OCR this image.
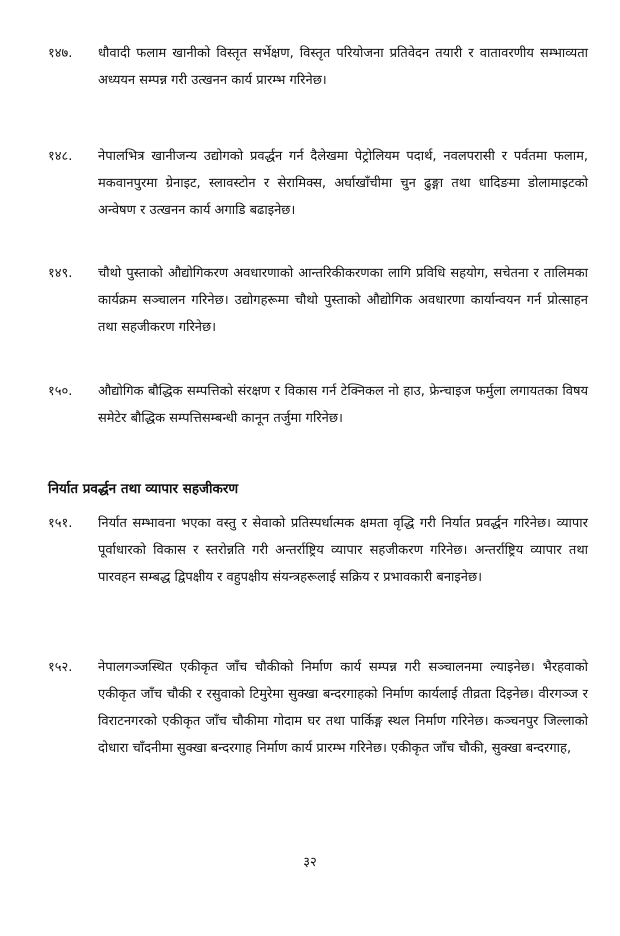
१४७.	धौवादी फलाम खानीको विस्तृत सर्भेक्षण, विस्तृत परियोजना प्रतिवेदन तयारी र वातावरणीय सम्भाव्यता अध्ययन सम्पन्न गरी उत्खनन कार्य प्रारम्भ गरिनेछ।
१४८.	नेपालभित्र खानीजन्य उद्योगको प्रवर्द्धन गर्न दैलेखमा पेट्रोलियम पदार्थ, नवलपरासी र पर्वतमा फलाम, मकवानपुरमा ग्रेनाइट, स्लावस्टोन र सेरामिक्स, अर्घाखाँचीमा चुन ढुङ्गा तथा धादिङमा डोलामाइटको अन्वेषण र उत्खनन कार्य अगाडि बढाइनेछ।
१४९.	चौथो पुस्ताको औद्योगिकरण अवधारणाको आन्तरिकीकरणका लागि प्रविधि सहयोग, सचेतना र तालिमका कार्यक्रम सञ्चालन गरिनेछ। उद्योगहरूमा चौथो पुस्ताको औद्योगिक अवधारणा कार्यान्वयन गर्न प्रोत्साहन तथा सहजीकरण गरिनेछ।
१५०.	औद्योगिक बौद्धिक सम्पत्तिको संरक्षण र विकास गर्न टेक्निकल नो हाउ, फ्रेन्चाइज फर्मुला लगायतका विषय समेटेर बौद्धिक सम्पत्तिसम्बन्धी कानून तर्जुमा गरिनेछ।
निर्यात प्रवर्द्धन तथा व्यापार सहजीकरण
१५१.	निर्यात सम्भावना भएका वस्तु र सेवाको प्रतिस्पर्धात्मक क्षमता वृद्धि गरी निर्यात प्रवर्द्धन गरिनेछ। व्यापार पूर्वाधारको विकास र स्तरोन्नति गरी अन्तर्राष्ट्रिय व्यापार सहजीकरण गरिनेछ। अन्तर्राष्ट्रिय व्यापार तथा पारवहन सम्बद्ध द्विपक्षीय र वहुपक्षीय संयन्त्रहरूलाई सक्रिय र प्रभावकारी बनाइनेछ।
१५२.	नेपालगञ्जस्थित एकीकृत जाँच चौकीको निर्माण कार्य सम्पन्न गरी सञ्चालनमा ल्याइनेछ। भैरहवाको एकीकृत जाँच चौकी र रसुवाको टिमुरेमा सुक्खा बन्दरगाहको निर्माण कार्यलाई तीव्रता दिइनेछ। वीरगञ्ज र विराटनगरको एकीकृत जाँच चौकीमा गोदाम घर तथा पार्किङ्ग स्थल निर्माण गरिनेछ। कञ्चनपुर जिल्लाको दोधारा चाँदनीमा सुक्खा बन्दरगाह निर्माण कार्य प्रारम्भ गरिनेछ। एकीकृत जाँच चौकी, सुक्खा बन्दरगाह,
३२
